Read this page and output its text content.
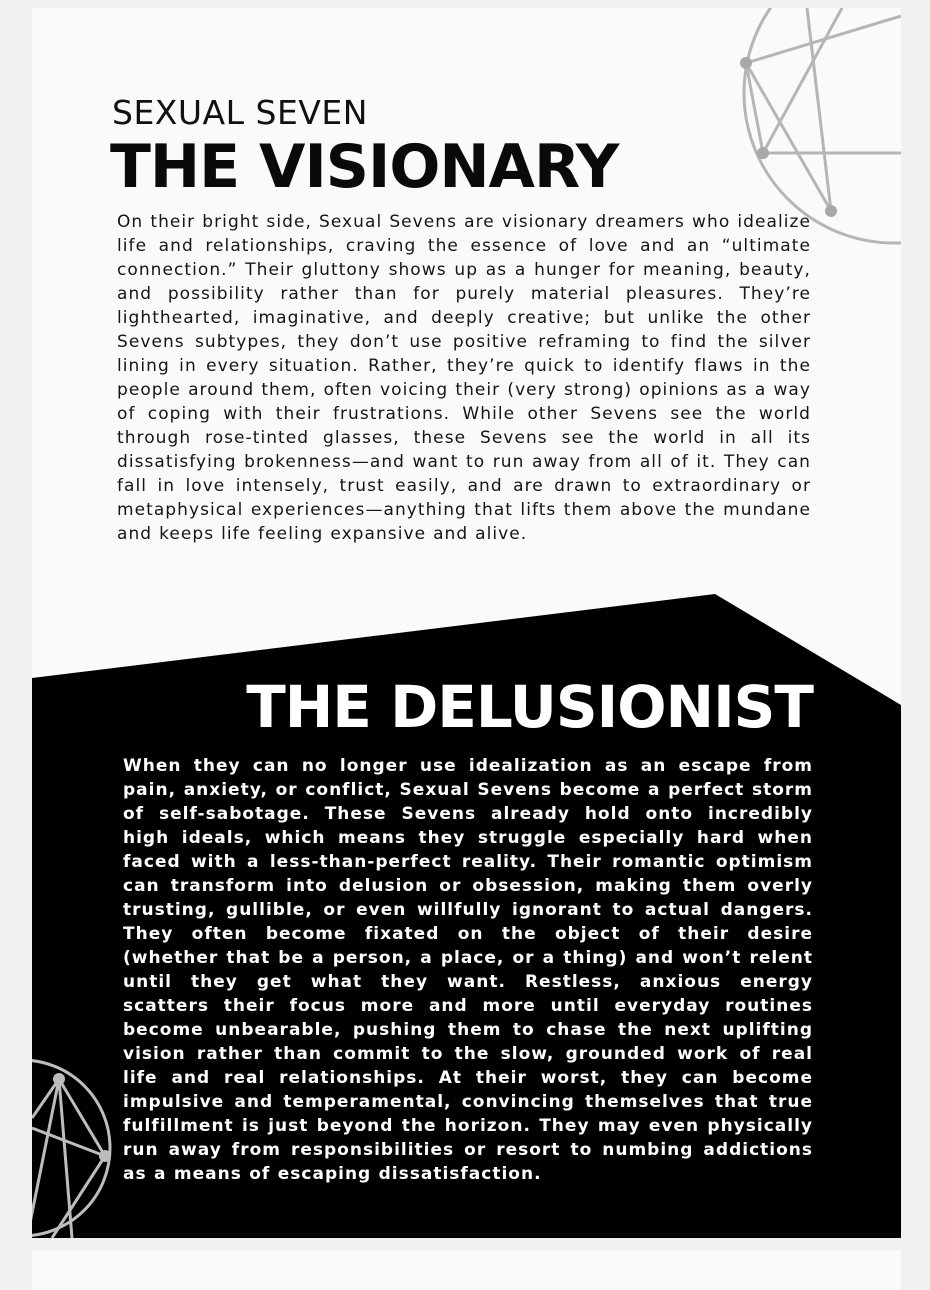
SEXUAL SEVEN

THE VISIONARY

On their bright side, Sexual Sevens are visionary dreamers who idealize life and relationships, craving the essence of love and an “ultimate connection.” Their gluttony shows up as a hunger for meaning, beauty, and possibility rather than for purely material pleasures. They’re lighthearted, imaginative, and deeply creative; but unlike the other Sevens subtypes, they don’t use positive reframing to find the silver lining in every situation. Rather, they’re quick to identify flaws in the people around them, often voicing their (very strong) opinions as a way of coping with their frustrations. While other Sevens see the world through rose-tinted glasses, these Sevens see the world in all its dissatisfying brokenness—and want to run away from all of it. They can fall in love intensely, trust easily, and are drawn to extraordinary or metaphysical experiences—anything that lifts them above the mundane and keeps life feeling expansive and alive.

THE DELUSIONIST

When they can no longer use idealization as an escape from pain, anxiety, or conflict, Sexual Sevens become a perfect storm of self-sabotage. These Sevens already hold onto incredibly high ideals, which means they struggle especially hard when faced with a less-than-perfect reality. Their romantic optimism can transform into delusion or obsession, making them overly trusting, gullible, or even willfully ignorant to actual dangers. They often become fixated on the object of their desire (whether that be a person, a place, or a thing) and won’t relent until they get what they want. Restless, anxious energy scatters their focus more and more until everyday routines become unbearable, pushing them to chase the next uplifting vision rather than commit to the slow, grounded work of real life and real relationships. At their worst, they can become impulsive and temperamental, convincing themselves that true fulfillment is just beyond the horizon. They may even physically run away from responsibilities or resort to numbing addictions as a means of escaping dissatisfaction.
